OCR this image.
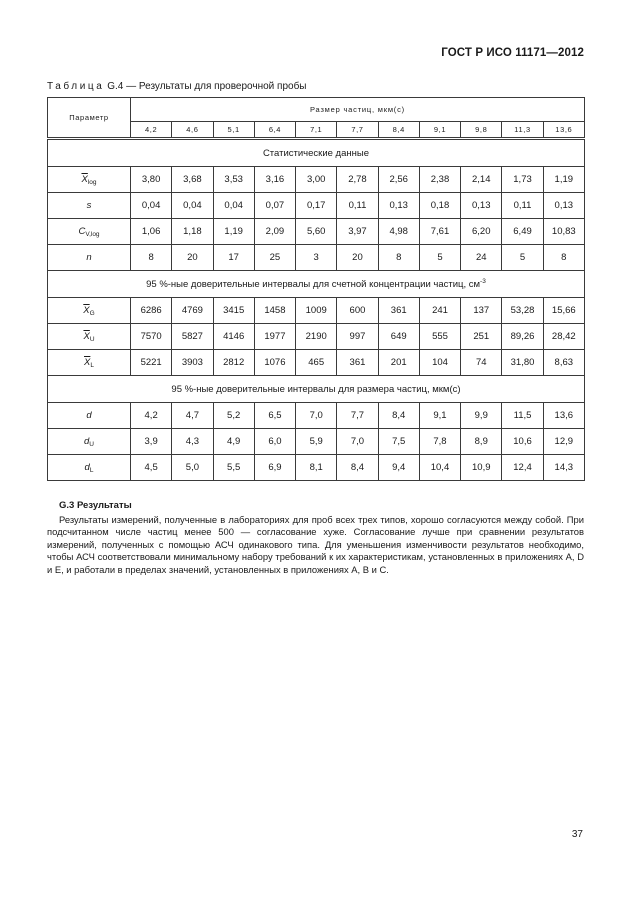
ГОСТ Р ИСО 11171—2012
Таблица G.4 — Результаты для проверочной пробы
Параметр	Размер частиц, мкм(с)										
	4,2	4,6	5,1	6,4	7,1	7,7	8,4	9,1	9,8	11,3	13,6
Статистические данные											
$\overline{X}_{log}$	3,80	3,68	3,53	3,16	3,00	2,78	2,56	2,38	2,14	1,73	1,19
s	0,04	0,04	0,04	0,07	0,17	0,11	0,13	0,18	0,13	0,11	0,13
$C_{V,log}$	1,06	1,18	1,19	2,09	5,60	3,97	4,98	7,61	6,20	6,49	10,83
n	8	20	17	25	3	20	8	5	24	5	8
95 %-ные доверительные интервалы для счетной концентрации частиц, $см^{-3}$
$\overline{X}_G$	6286	4769	3415	1458	1009	600	361	241	137	53,28	15,66
$\overline{X}_U$	7570	5827	4146	1977	2190	997	649	555	251	89,26	28,42
$\overline{X}_L$	5221	3903	2812	1076	465	361	201	104	74	31,80	8,63
95 %-ные доверительные интервалы для размера частиц, мкм(с)											
d	4,2	4,7	5,2	6,5	7,0	7,7	8,4	9,1	9,9	11,5	13,6
$d_U$	3,9	4,3	4,9	6,0	5,9	7,0	7,5	7,8	8,9	10,6	12,9
$d_L$	4,5	5,0	5,5	6,9	8,1	8,4	9,4	10,4	10,9	12,4	14,3
G.3 Результаты

Результаты измерений, полученные в лабораториях для проб всех трех типов, хорошо согласуются между собой. При подсчитанном числе частиц менее 500 — согласование хуже. Согласование лучше при сравнении результатов измерений, полученных с помощью АСЧ одинакового типа. Для уменьшения изменчивости результатов необходимо, чтобы АСЧ соответствовали минимальному набору требований к их характеристикам, установленных в приложениях A, D и E, и работали в пределах значений, установленных в приложениях А, В и С.

37
